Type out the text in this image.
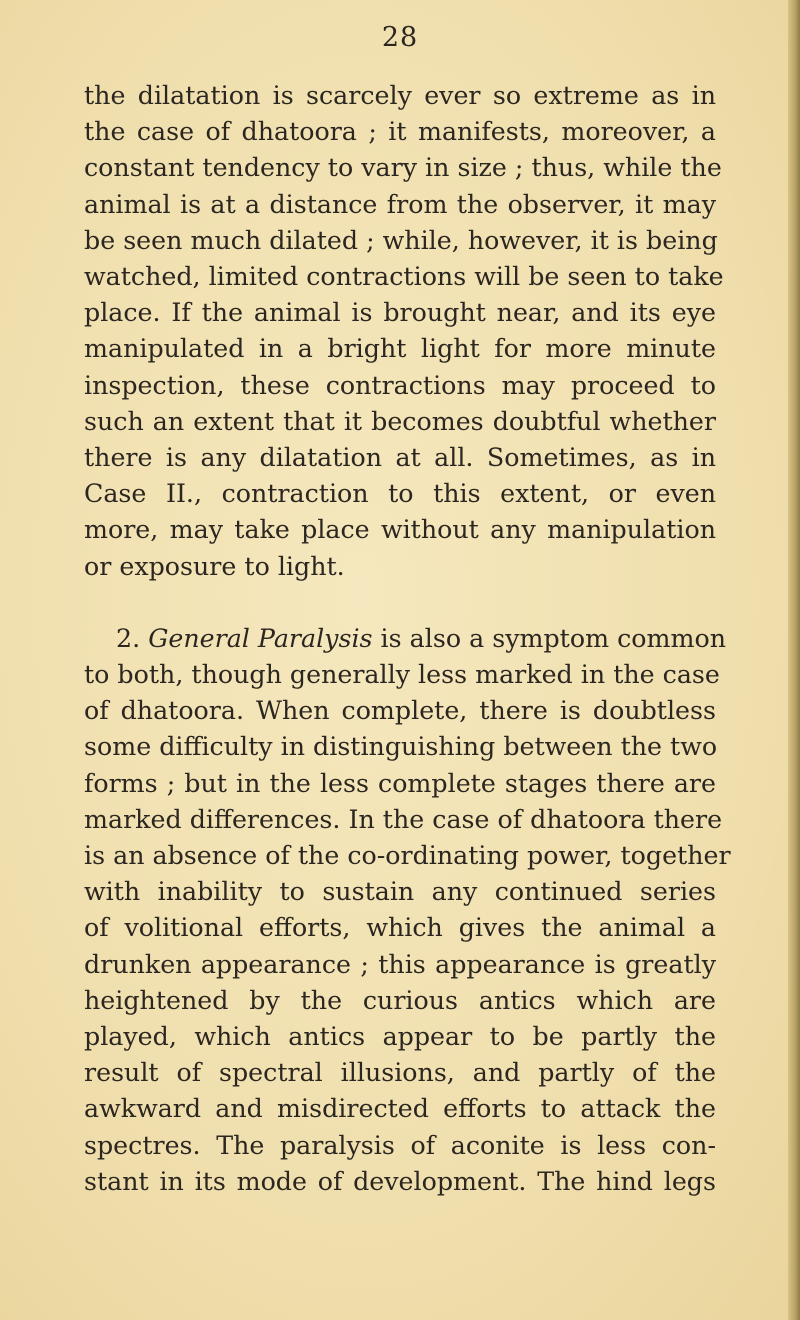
28
the dilatation is scarcely ever so extreme as in
the case of dhatoora ; it manifests, moreover, a
constant tendency to vary in size ; thus, while the
animal is at a distance from the observer, it may
be seen much dilated ; while, however, it is being
watched, limited contractions will be seen to take
place. If the animal is brought near, and its eye
manipulated in a bright light for more minute
inspection, these contractions may proceed to
such an extent that it becomes doubtful whether
there is any dilatation at all. Sometimes, as in
Case II., contraction to this extent, or even
more, may take place without any manipulation
or exposure to light.
2. General Paralysis is also a symptom common
to both, though generally less marked in the case
of dhatoora. When complete, there is doubtless
some difficulty in distinguishing between the two
forms ; but in the less complete stages there are
marked differences. In the case of dhatoora there
is an absence of the co-ordinating power, together
with inability to sustain any continued series
of volitional efforts, which gives the animal a
drunken appearance ; this appearance is greatly
heightened by the curious antics which are
played, which antics appear to be partly the
result of spectral illusions, and partly of the
awkward and misdirected efforts to attack the
spectres. The paralysis of aconite is less con-
stant in its mode of development. The hind legs
